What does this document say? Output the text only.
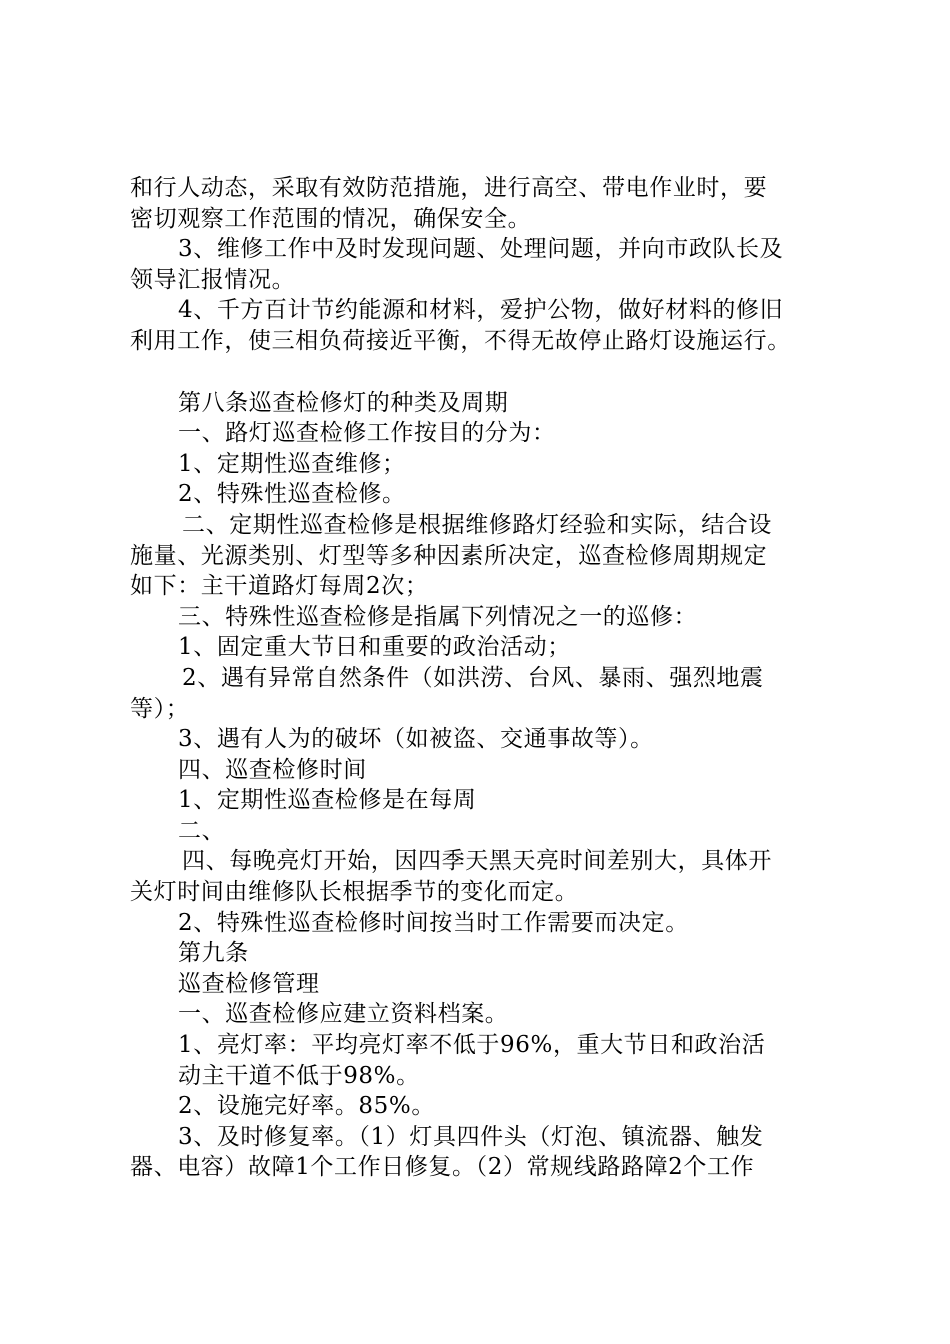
和行人动态，采取有效防范措施，进行高空、带电作业时，要
密切观察工作范围的情况，确保安全。
3、维修工作中及时发现问题、处理问题，并向市政队长及
领导汇报情况。
4、千方百计节约能源和材料，爱护公物，做好材料的修旧
利用工作，使三相负荷接近平衡，不得无故停止路灯设施运行。
第八条巡查检修灯的种类及周期
一、路灯巡查检修工作按目的分为：
1、定期性巡查维修；
2、特殊性巡查检修。
二、定期性巡查检修是根据维修路灯经验和实际，结合设
施量、光源类别、灯型等多种因素所决定，巡查检修周期规定
如下：主干道路灯每周2次；
三、特殊性巡查检修是指属下列情况之一的巡修：
1、固定重大节日和重要的政治活动；
2、遇有异常自然条件（如洪涝、台风、暴雨、强烈地震
等）；
3、遇有人为的破坏（如被盗、交通事故等）。
四、巡查检修时间
1、定期性巡查检修是在每周
二、
四、每晚亮灯开始，因四季天黑天亮时间差别大，具体开
关灯时间由维修队长根据季节的变化而定。
2、特殊性巡查检修时间按当时工作需要而决定。
第九条
巡查检修管理
一、巡查检修应建立资料档案。
1、亮灯率：平均亮灯率不低于96%，重大节日和政治活
动主干道不低于98%。
2、设施完好率。85%。
3、及时修复率。（1）灯具四件头（灯泡、镇流器、触发
器、电容）故障1个工作日修复。（2）常规线路路障2个工作
